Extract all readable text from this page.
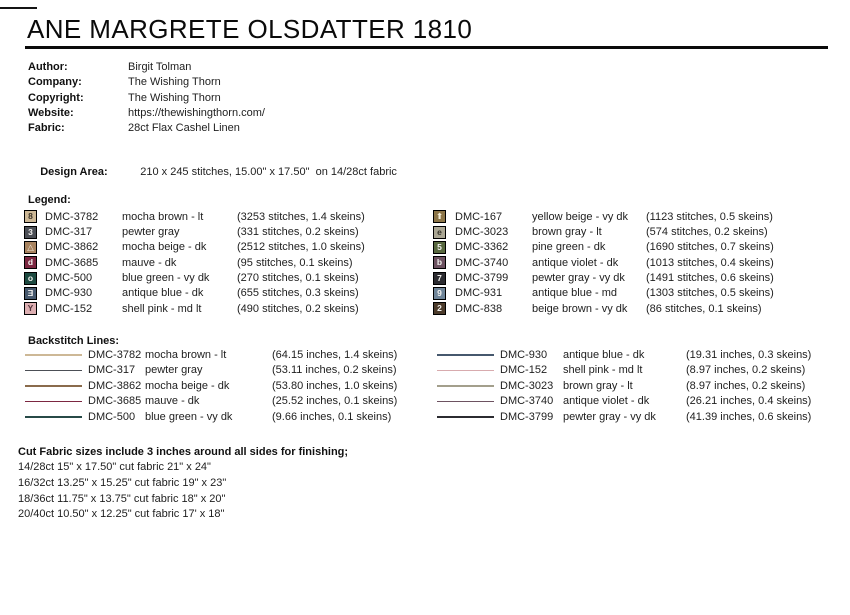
ANE MARGRETE OLSDATTER 1810
Author:	Birgit Tolman
Company:	The Wishing Thorn
Copyright:	The Wishing Thorn
Website:	https://thewishingthorn.com/
Fabric:	28ct Flax Cashel Linen

Design Area:	210 x 245 stitches, 15.00" x 17.50"  on 14/28ct fabric

Legend:
8	DMC-3782	mocha brown - lt	(3253 stitches, 1.4 skeins)
3	DMC-317	pewter gray	(331 stitches, 0.2 skeins)
△ DMC-3862	mocha beige - dk	(2512 stitches, 1.0 skeins)
d	DMC-3685	mauve - dk	(95 stitches, 0.1 skeins)
o	DMC-500	blue green - vy dk	(270 stitches, 0.1 skeins)
Ǝ	DMC-930	antique blue - dk	(655 stitches, 0.3 skeins)
Y	DMC-152	shell pink - md lt	(490 stitches, 0.2 skeins)
⬆ DMC-167	yellow beige - vy dk	(1123 stitches, 0.5 skeins)
e	DMC-3023	brown gray - lt	(574 stitches, 0.2 skeins)
5	DMC-3362	pine green - dk	(1690 stitches, 0.7 skeins)
b	DMC-3740	antique violet - dk	(1013 stitches, 0.4 skeins)
7	DMC-3799	pewter gray - vy dk	(1491 stitches, 0.6 skeins)
9	DMC-931	antique blue - md	(1303 stitches, 0.5 skeins)
2	DMC-838	beige brown - vy dk	(86 stitches, 0.1 skeins)
Backstitch Lines:
DMC-3782 mocha brown - lt	(64.15 inches, 1.4 skeins)
DMC-317 pewter gray	(53.11 inches, 0.2 skeins)
DMC-3862 mocha beige - dk	(53.80 inches, 1.0 skeins)
DMC-3685 mauve - dk	(25.52 inches, 0.1 skeins)
DMC-500 blue green - vy dk	(9.66 inches, 0.1 skeins)
DMC-930	antique blue - dk	(19.31 inches, 0.3 skeins)
DMC-152	shell pink - md lt	(8.97 inches, 0.2 skeins)
DMC-3023 brown gray - lt	(8.97 inches, 0.2 skeins)
DMC-3740 antique violet - dk	(26.21 inches, 0.4 skeins)
DMC-3799 pewter gray - vy dk	(41.39 inches, 0.6 skeins)
Cut Fabric sizes include 3 inches around all sides for finishing;
14/28ct 15" x 17.50" cut fabric 21" x 24"
16/32ct 13.25" x 15.25" cut fabric 19" x 23"
18/36ct 11.75" x 13.75" cut fabric 18" x 20"
20/40ct 10.50" x 12.25" cut fabric 17' x 18"
